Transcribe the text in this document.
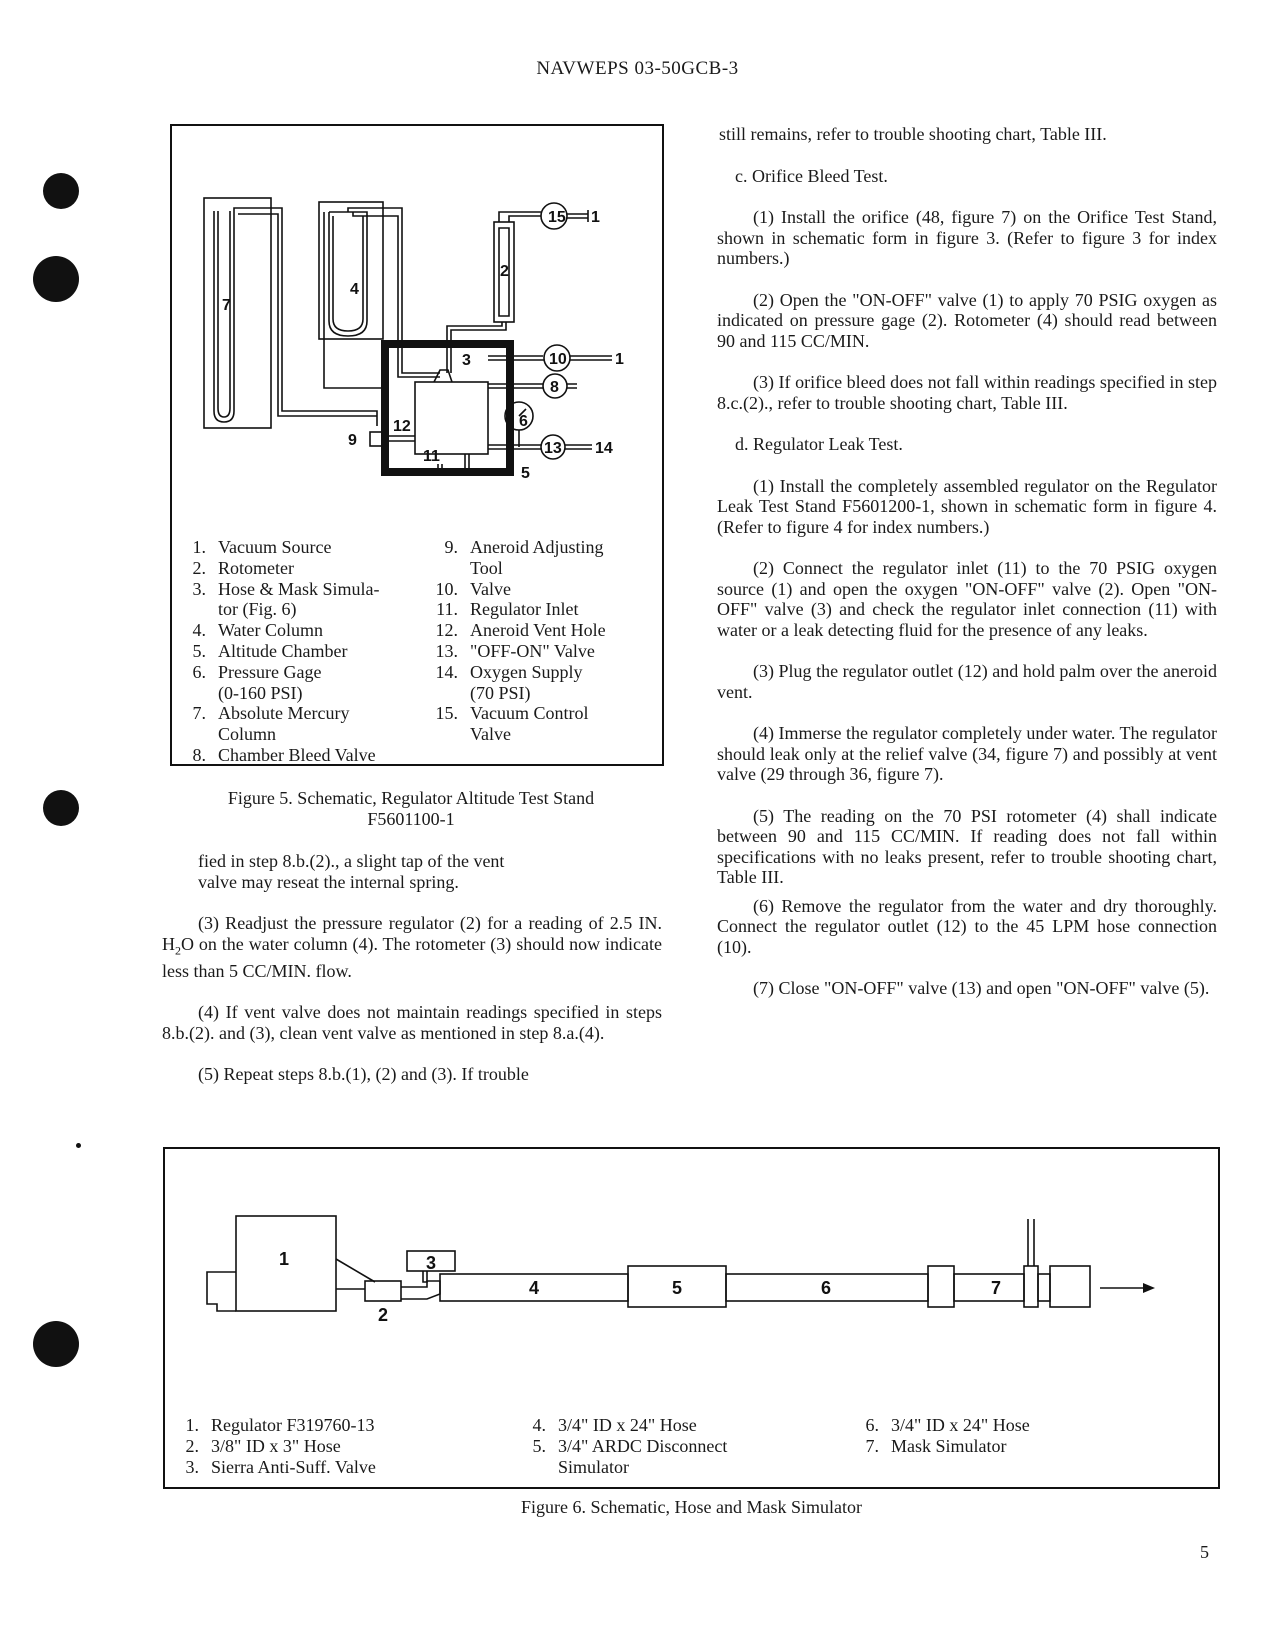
NAVWEPS 03-50GCB-3
15 1
2
4
7
3	10	1
8
6
12
9
11	13 14
5
1. Vacuum Source
2. Rotometer
3. Hose & Mask Simula-
tor (Fig. 6)
4. Water Column
5. Altitude Chamber
6. Pressure Gage
(0-160 PSI)
7. Absolute Mercury
Column
8. Chamber Bleed Valve
9. Aneroid Adjusting
Tool
10. Valve
11. Regulator Inlet
12. Aneroid Vent Hole
13. "OFF-ON" Valve
14. Oxygen Supply
(70 PSI)
15. Vacuum Control
Valve
Figure 5. Schematic, Regulator Altitude Test Stand
F5601100-1
fied in step 8.b.(2)., a slight tap of the vent
valve may reseat the internal spring.

(3) Readjust the pressure regulator (2) for a reading of 2.5 IN. $H_2O$ on the water column (4). The rotometer (3) should now indicate less than 5 CC/MIN. flow.

(4) If vent valve does not maintain readings specified in steps 8.b.(2). and (3), clean vent valve as mentioned in step 8.a.(4).

(5) Repeat steps 8.b.(1), (2) and (3). If trouble

still remains, refer to trouble shooting chart, Table III.

c. Orifice Bleed Test.

(1) Install the orifice (48, figure 7) on the Orifice Test Stand, shown in schematic form in figure 3. (Refer to figure 3 for index numbers.)

(2) Open the "ON-OFF" valve (1) to apply 70 PSIG oxygen as indicated on pressure gage (2). Rotometer (4) should read between 90 and 115 CC/MIN.

(3) If orifice bleed does not fall within readings specified in step 8.c.(2)., refer to trouble shooting chart, Table III.

d. Regulator Leak Test.

(1) Install the completely assembled regulator on the Regulator Leak Test Stand F5601200-1, shown in schematic form in figure 4. (Refer to figure 4 for index numbers.)

(2) Connect the regulator inlet (11) to the 70 PSIG oxygen source (1) and open the oxygen "ON-OFF" valve (2). Open "ON-OFF" valve (3) and check the regulator inlet connection (11) with water or a leak detecting fluid for the presence of any leaks.

(3) Plug the regulator outlet (12) and hold palm over the aneroid vent.

(4) Immerse the regulator completely under water. The regulator should leak only at the relief valve (34, figure 7) and possibly at vent valve (29 through 36, figure 7).

(5) The reading on the 70 PSI rotometer (4) shall indicate between 90 and 115 CC/MIN. If reading does not fall within specifications with no leaks present, refer to trouble shooting chart, Table III.

(6) Remove the regulator from the water and dry thoroughly. Connect the regulator outlet (12) to the 45 LPM hose connection (10).

(7) Close "ON-OFF" valve (13) and open "ON-OFF" valve (5).

1
2
3
4	5	6	7
1. Regulator F319760-13
2. 3/8" ID x 3" Hose
3. Sierra Anti-Suff. Valve
4. 3/4" ID x 24" Hose
5. 3/4" ARDC Disconnect
Simulator
6. 3/4" ID x 24" Hose
7. Mask Simulator
Figure 6. Schematic, Hose and Mask Simulator
5
